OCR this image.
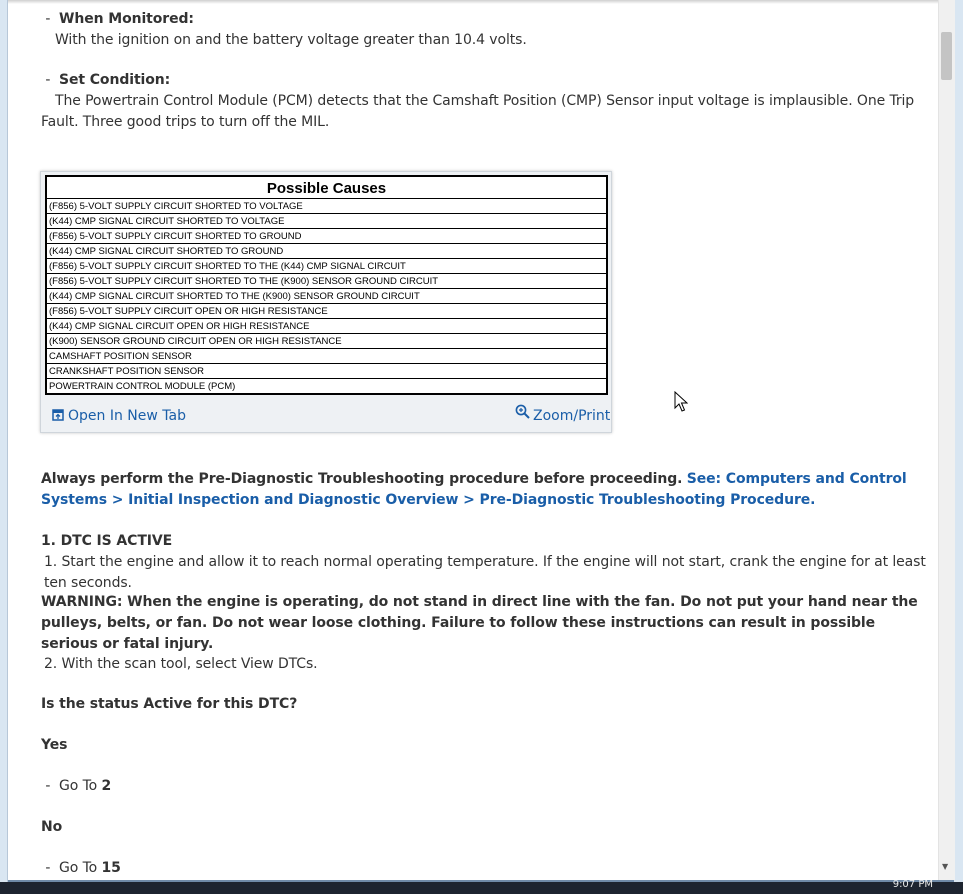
-  When Monitored:
With the ignition on and the battery voltage greater than 10.4 volts.
-  Set Condition:
The Powertrain Control Module (PCM) detects that the Camshaft Position (CMP) Sensor input voltage is implausible. One Trip Fault. Three good trips to turn off the MIL.
Possible Causes
(F856) 5-VOLT SUPPLY CIRCUIT SHORTED TO VOLTAGE
(K44) CMP SIGNAL CIRCUIT SHORTED TO VOLTAGE
(F856) 5-VOLT SUPPLY CIRCUIT SHORTED TO GROUND
(K44) CMP SIGNAL CIRCUIT SHORTED TO GROUND
(F856) 5-VOLT SUPPLY CIRCUIT SHORTED TO THE (K44) CMP SIGNAL CIRCUIT
(F856) 5-VOLT SUPPLY CIRCUIT SHORTED TO THE (K900) SENSOR GROUND CIRCUIT
(K44) CMP SIGNAL CIRCUIT SHORTED TO THE (K900) SENSOR GROUND CIRCUIT
(F856) 5-VOLT SUPPLY CIRCUIT OPEN OR HIGH RESISTANCE
(K44) CMP SIGNAL CIRCUIT OPEN OR HIGH RESISTANCE
(K900) SENSOR GROUND CIRCUIT OPEN OR HIGH RESISTANCE
CAMSHAFT POSITION SENSOR
CRANKSHAFT POSITION SENSOR
POWERTRAIN CONTROL MODULE (PCM)
Open In New Tab	Zoom/Print
Always perform the Pre-Diagnostic Troubleshooting procedure before proceeding. See: Computers and Control Systems > Initial Inspection and Diagnostic Overview > Pre-Diagnostic Troubleshooting Procedure.
1. DTC IS ACTIVE
1. Start the engine and allow it to reach normal operating temperature. If the engine will not start, crank the engine for at least ten seconds.
WARNING: When the engine is operating, do not stand in direct line with the fan. Do not put your hand near the pulleys, belts, or fan. Do not wear loose clothing. Failure to follow these instructions can result in possible serious or fatal injury.
2. With the scan tool, select View DTCs.
Is the status Active for this DTC?
Yes
-  Go To 2
No
-  Go To 15	▼
9:07 PM
